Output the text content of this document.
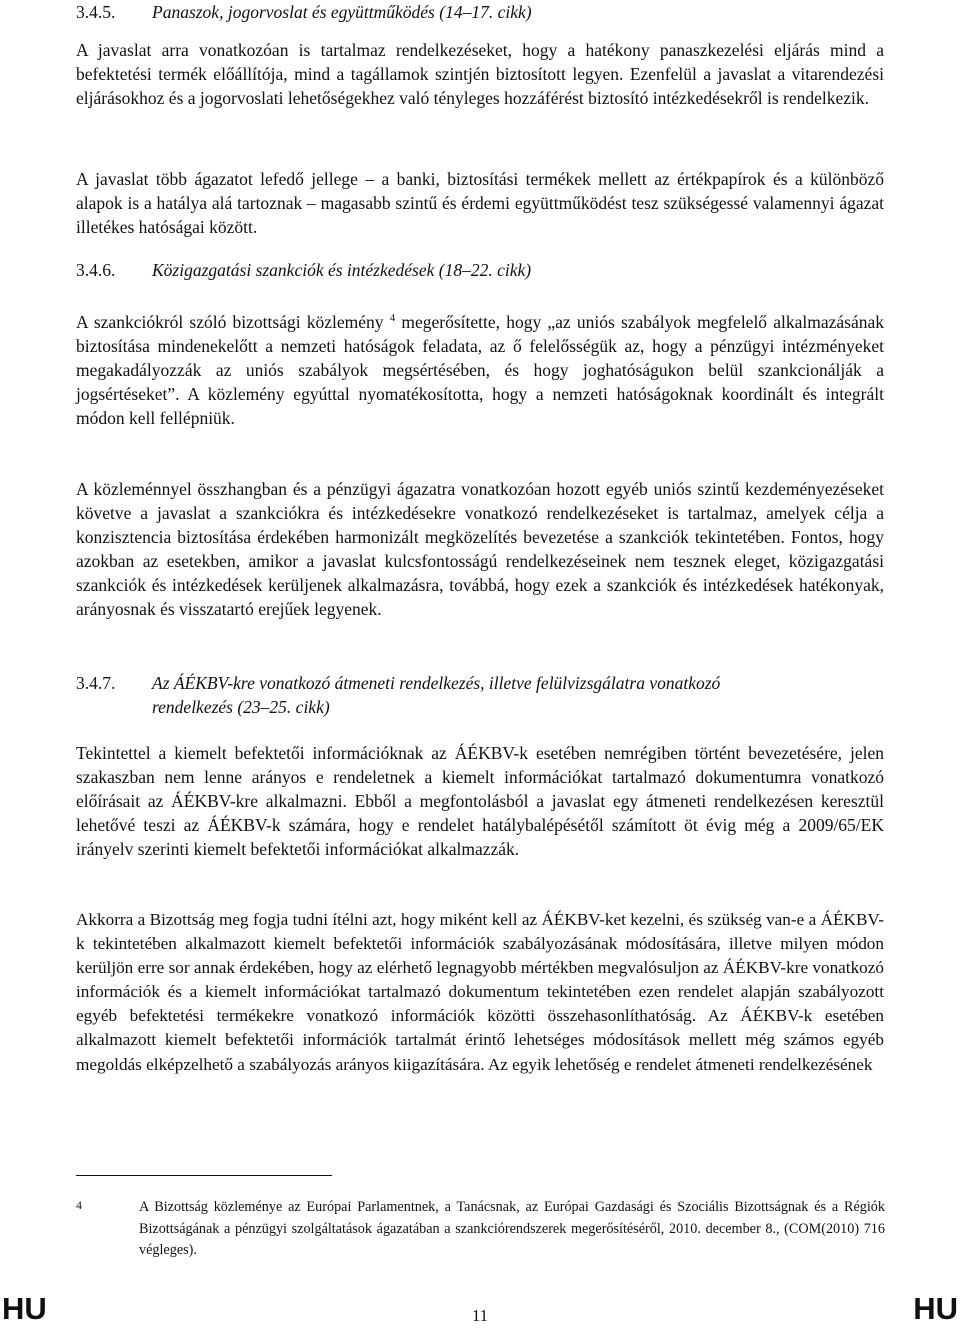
3.4.5.	Panaszok, jogorvoslat és együttműködés (14–17. cikk)

A javaslat arra vonatkozóan is tartalmaz rendelkezéseket, hogy a hatékony panaszkezelési eljárás mind a befektetési termék előállítója, mind a tagállamok szintjén biztosított legyen. Ezenfelül a javaslat a vitarendezési eljárásokhoz és a jogorvoslati lehetőségekhez való tényleges hozzáférést biztosító intézkedésekről is rendelkezik.

A javaslat több ágazatot lefedő jellege – a banki, biztosítási termékek mellett az értékpapírok és a különböző alapok is a hatálya alá tartoznak – magasabb szintű és érdemi együttműködést tesz szükségessé valamennyi ágazat illetékes hatóságai között.

3.4.6.	Közigazgatási szankciók és intézkedések (18–22. cikk)

A szankciókról szóló bizottsági közlemény $^4$ megerősítette, hogy „az uniós szabályok megfelelő alkalmazásának biztosítása mindenekelőtt a nemzeti hatóságok feladata, az ő felelősségük az, hogy a pénzügyi intézményeket megakadályozzák az uniós szabályok megsértésében, és hogy joghatóságukon belül szankcionálják a jogsértéseket”. A közlemény egyúttal nyomatékosította, hogy a nemzeti hatóságoknak koordinált és integrált módon kell fellépniük.

A közleménnyel összhangban és a pénzügyi ágazatra vonatkozóan hozott egyéb uniós szintű kezdeményezéseket követve a javaslat a szankciókra és intézkedésekre vonatkozó rendelkezéseket is tartalmaz, amelyek célja a konzisztencia biztosítása érdekében harmonizált megközelítés bevezetése a szankciók tekintetében. Fontos, hogy azokban az esetekben, amikor a javaslat kulcsfontosságú rendelkezéseinek nem tesznek eleget, közigazgatási szankciók és intézkedések kerüljenek alkalmazásra, továbbá, hogy ezek a szankciók és intézkedések hatékonyak, arányosnak és visszatartó erejűek legyenek.

3.4.7.	Az ÁÉKBV-kre vonatkozó átmeneti rendelkezés, illetve felülvizsgálatra vonatkozó
rendelkezés (23–25. cikk)

Tekintettel a kiemelt befektetői információknak az ÁÉKBV-k esetében nemrégiben történt bevezetésére, jelen szakaszban nem lenne arányos e rendeletnek a kiemelt információkat tartalmazó dokumentumra vonatkozó előírásait az ÁÉKBV-kre alkalmazni. Ebből a megfontolásból a javaslat egy átmeneti rendelkezésen keresztül lehetővé teszi az ÁÉKBV-k számára, hogy e rendelet hatálybalépésétől számított öt évig még a 2009/65/EK irányelv szerinti kiemelt befektetői információkat alkalmazzák.

Akkorra a Bizottság meg fogja tudni ítélni azt, hogy miként kell az ÁÉKBV-ket kezelni, és szükség van-e a ÁÉKBV-k tekintetében alkalmazott kiemelt befektetői információk szabályozásának módosítására, illetve milyen módon kerüljön erre sor annak érdekében, hogy az elérhető legnagyobb mértékben megvalósuljon az ÁÉKBV-kre vonatkozó információk és a kiemelt információkat tartalmazó dokumentum tekintetében ezen rendelet alapján szabályozott egyéb befektetési termékekre vonatkozó információk közötti összehasonlíthatóság. Az ÁÉKBV-k esetében alkalmazott kiemelt befektetői információk tartalmát érintő lehetséges módosítások mellett még számos egyéb megoldás elképzelhető a szabályozás arányos kiigazítására. Az egyik lehetőség e rendelet átmeneti rendelkezésének

4	A Bizottság közleménye az Európai Parlamentnek, a Tanácsnak, az Európai Gazdasági és Szociális Bizottságnak és a Régiók Bizottságának a pénzügyi szolgáltatások ágazatában a szankciórendszerek megerősítéséről, 2010. december 8., (COM(2010) 716 végleges).

HU	11	HU
